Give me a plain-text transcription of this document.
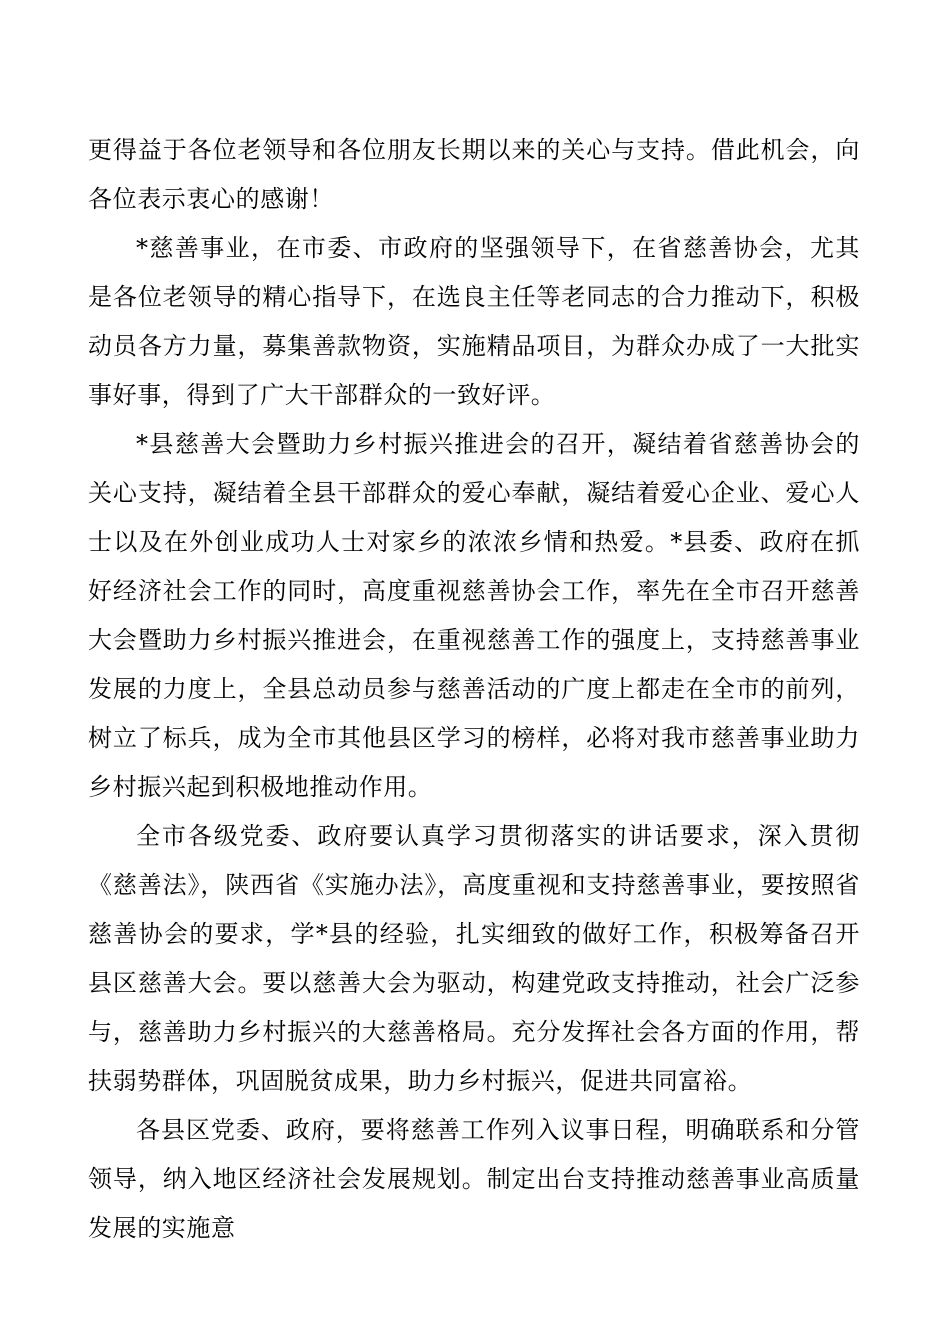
更得益于各位老领导和各位朋友长期以来的关心与支持。借此机会，向各位表示衷心的感谢！

*慈善事业，在市委、市政府的坚强领导下，在省慈善协会，尤其是各位老领导的精心指导下，在选良主任等老同志的合力推动下，积极动员各方力量，募集善款物资，实施精品项目，为群众办成了一大批实事好事，得到了广大干部群众的一致好评。

*县慈善大会暨助力乡村振兴推进会的召开，凝结着省慈善协会的关心支持，凝结着全县干部群众的爱心奉献，凝结着爱心企业、爱心人士以及在外创业成功人士对家乡的浓浓乡情和热爱。*县委、政府在抓好经济社会工作的同时，高度重视慈善协会工作，率先在全市召开慈善大会暨助力乡村振兴推进会，在重视慈善工作的强度上，支持慈善事业发展的力度上，全县总动员参与慈善活动的广度上都走在全市的前列，树立了标兵，成为全市其他县区学习的榜样，必将对我市慈善事业助力乡村振兴起到积极地推动作用。

全市各级党委、政府要认真学习贯彻落实的讲话要求，深入贯彻《慈善法》，陕西省《实施办法》，高度重视和支持慈善事业，要按照省慈善协会的要求，学*县的经验，扎实细致的做好工作，积极筹备召开县区慈善大会。要以慈善大会为驱动，构建党政支持推动，社会广泛参与，慈善助力乡村振兴的大慈善格局。充分发挥社会各方面的作用，帮扶弱势群体，巩固脱贫成果，助力乡村振兴，促进共同富裕。

各县区党委、政府，要将慈善工作列入议事日程，明确联系和分管领导，纳入地区经济社会发展规划。制定出台支持推动慈善事业高质量发展的实施意
